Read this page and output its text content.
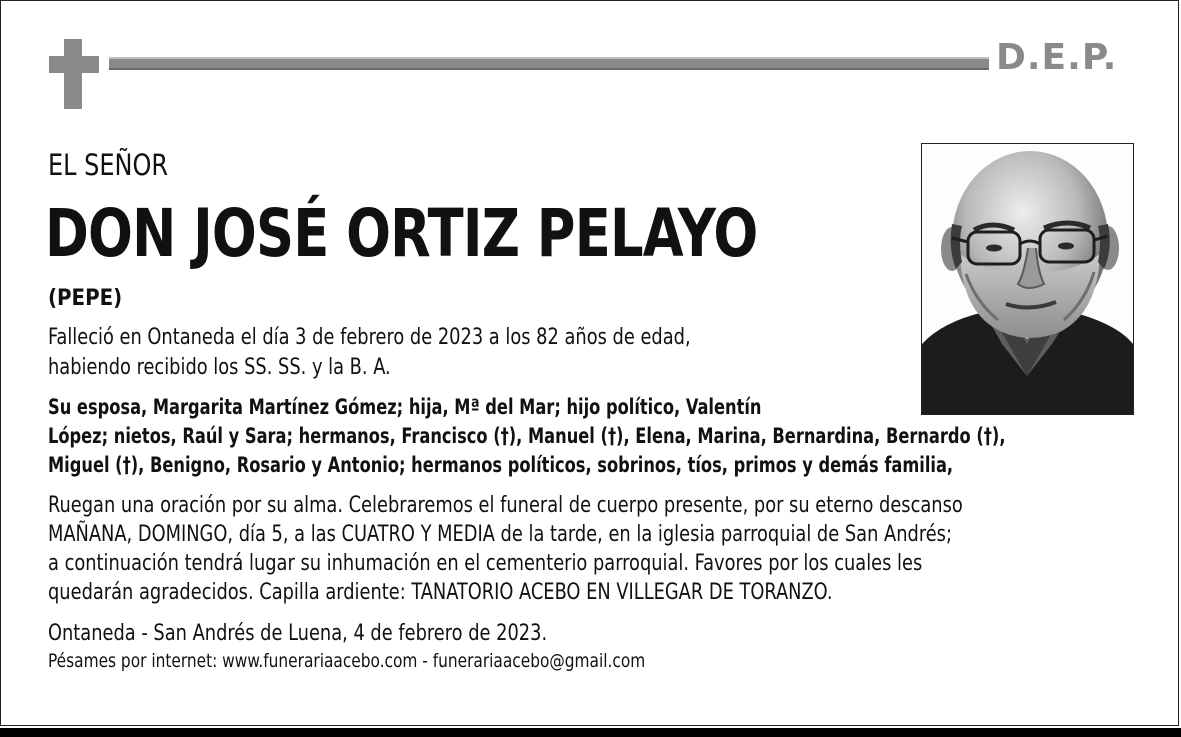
D.E.P.
EL SEÑOR
DON JOSÉ ORTIZ PELAYO
(PEPE)
Falleció en Ontaneda el día 3 de febrero de 2023 a los 82 años de edad,
habiendo recibido los SS. SS. y la B. A.
Su esposa, Margarita Martínez Gómez; hija, Mª del Mar; hijo político, Valentín
López; nietos, Raúl y Sara; hermanos, Francisco (†), Manuel (†), Elena, Marina, Bernardina, Bernardo (†),
Miguel (†), Benigno, Rosario y Antonio; hermanos políticos, sobrinos, tíos, primos y demás familia,
Ruegan una oración por su alma. Celebraremos el funeral de cuerpo presente, por su eterno descanso
MAÑANA, DOMINGO, día 5, a las CUATRO Y MEDIA de la tarde, en la iglesia parroquial de San Andrés;
a continuación tendrá lugar su inhumación en el cementerio parroquial. Favores por los cuales les
quedarán agradecidos. Capilla ardiente: TANATORIO ACEBO EN VILLEGAR DE TORANZO.
Ontaneda - San Andrés de Luena, 4 de febrero de 2023.
Pésames por internet: www.funerariaacebo.com - funerariaacebo@gmail.com
